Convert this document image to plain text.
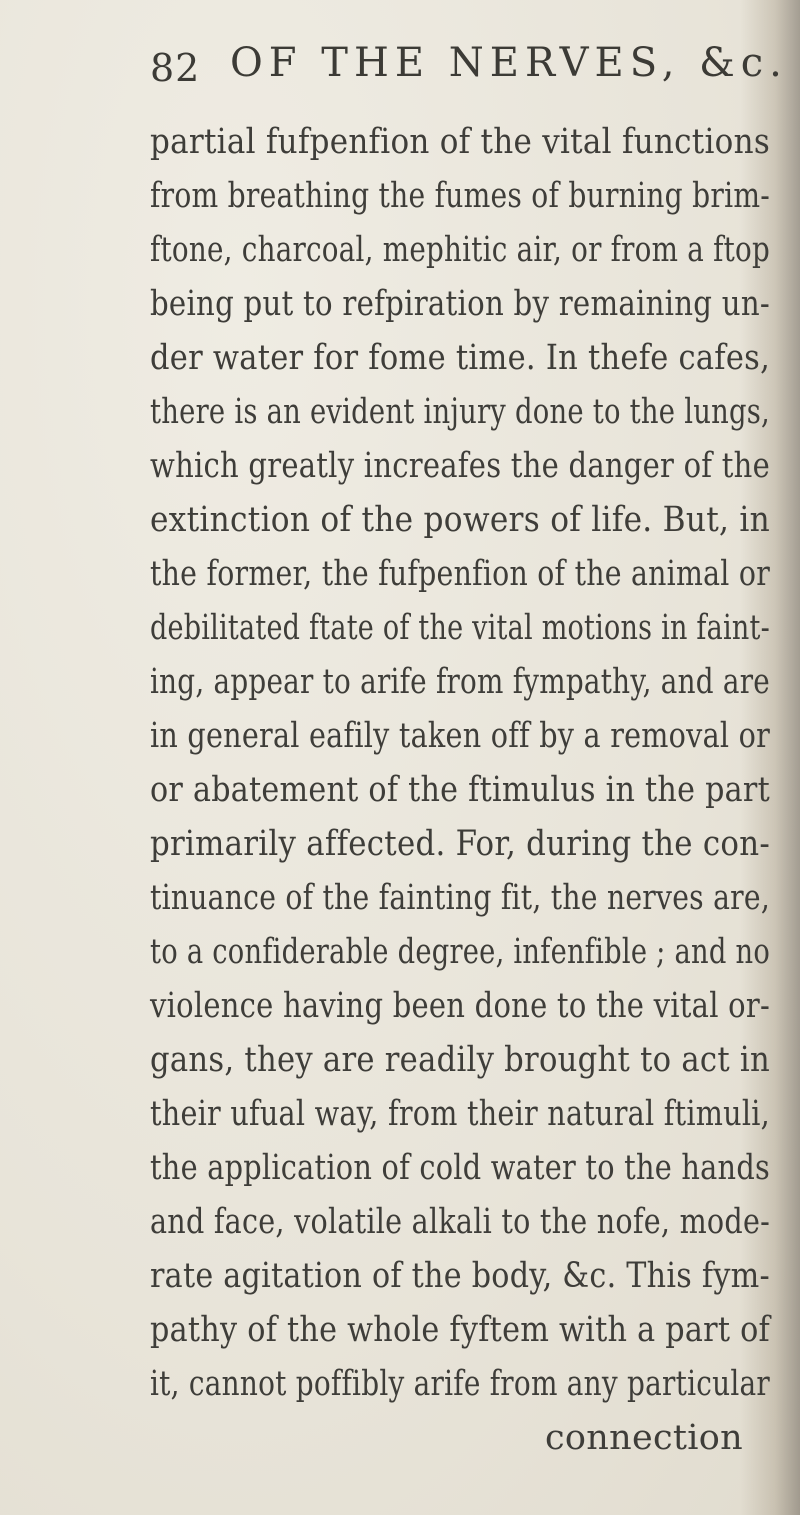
82 OF THE NERVES, &c.
partial fufpenfion of the vital functions
from breathing the fumes of burning brim-
ftone, charcoal, mephitic air, or from a ftop
being put to refpiration by remaining un-
der water for fome time. In thefe cafes,
there is an evident injury done to the lungs,
which greatly increafes the danger of the
extinction of the powers of life. But, in
the former, the fufpenfion of the animal or
debilitated ftate of the vital motions in faint-
ing, appear to arife from fympathy, and are
in general eafily taken off by a removal or
or abatement of the ftimulus in the part
primarily affected. For, during the con-
tinuance of the fainting fit, the nerves are,
to a confiderable degree, infenfible ; and no
violence having been done to the vital or-
gans, they are readily brought to act in
their ufual way, from their natural ftimuli,
the application of cold water to the hands
and face, volatile alkali to the nofe, mode-
rate agitation of the body, &c. This fym-
pathy of the whole fyftem with a part of
it, cannot poffibly arife from any particular
connection
